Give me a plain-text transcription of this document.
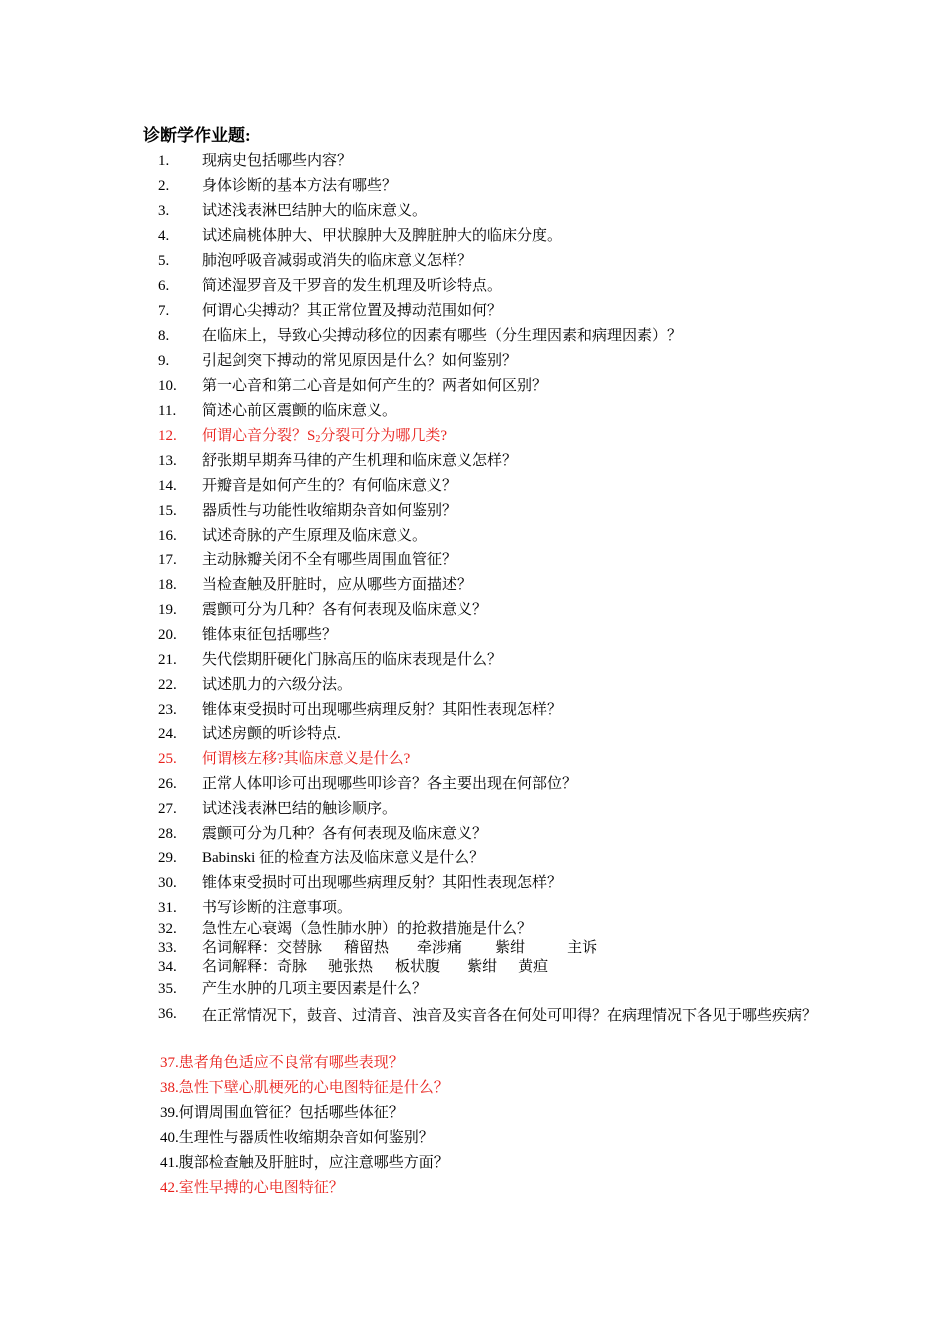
诊断学作业题:
1. 现病史包括哪些内容？
2. 身体诊断的基本方法有哪些？
3. 试述浅表淋巴结肿大的临床意义。
4. 试述扁桃体肿大、甲状腺肿大及脾脏肿大的临床分度。
5. 肺泡呼吸音减弱或消失的临床意义怎样？
6. 简述湿罗音及干罗音的发生机理及听诊特点。
7. 何谓心尖搏动？其正常位置及搏动范围如何？
8. 在临床上，导致心尖搏动移位的因素有哪些（分生理因素和病理因素）？
9. 引起剑突下搏动的常见原因是什么？如何鉴别？
10. 第一心音和第二心音是如何产生的？两者如何区别？
11. 简述心前区震颤的临床意义。
12. 何谓心音分裂？$S_2$分裂可分为哪几类?
13. 舒张期早期奔马律的产生机理和临床意义怎样？
14. 开瓣音是如何产生的？有何临床意义？
15. 器质性与功能性收缩期杂音如何鉴别？
16. 试述奇脉的产生原理及临床意义。
17. 主动脉瓣关闭不全有哪些周围血管征？
18. 当检查触及肝脏时，应从哪些方面描述？
19. 震颤可分为几种？各有何表现及临床意义？
20. 锥体束征包括哪些？
21. 失代偿期肝硬化门脉高压的临床表现是什么？
22. 试述肌力的六级分法。
23. 锥体束受损时可出现哪些病理反射？其阳性表现怎样？
24. 试述房颤的听诊特点.
25. 何谓核左移?其临床意义是什么?
26. 正常人体叩诊可出现哪些叩诊音？各主要出现在何部位？
27. 试述浅表淋巴结的触诊顺序。
28. 震颤可分为几种？各有何表现及临床意义？
29. Babinski 征的检查方法及临床意义是什么？
30. 锥体束受损时可出现哪些病理反射？其阳性表现怎样？
31. 书写诊断的注意事项。
32. 急性左心衰竭（急性肺水肿）的抢救措施是什么？
33. 名词解释：交替脉 稽留热 牵涉痛 紫绀	主诉
34. 名词解释：奇脉 驰张热 板状腹 紫绀 黄疸
35. 产生水肿的几项主要因素是什么？
36.	在正常情况下，鼓音、过清音、浊音及实音各在何处可叩得？在病理情况下各见于哪些疾病？
37.患者角色适应不良常有哪些表现？
38.急性下壁心肌梗死的心电图特征是什么？
39.何谓周围血管征？包括哪些体征？
40.生理性与器质性收缩期杂音如何鉴别？
41.腹部检查触及肝脏时，应注意哪些方面？
42.室性早搏的心电图特征？
